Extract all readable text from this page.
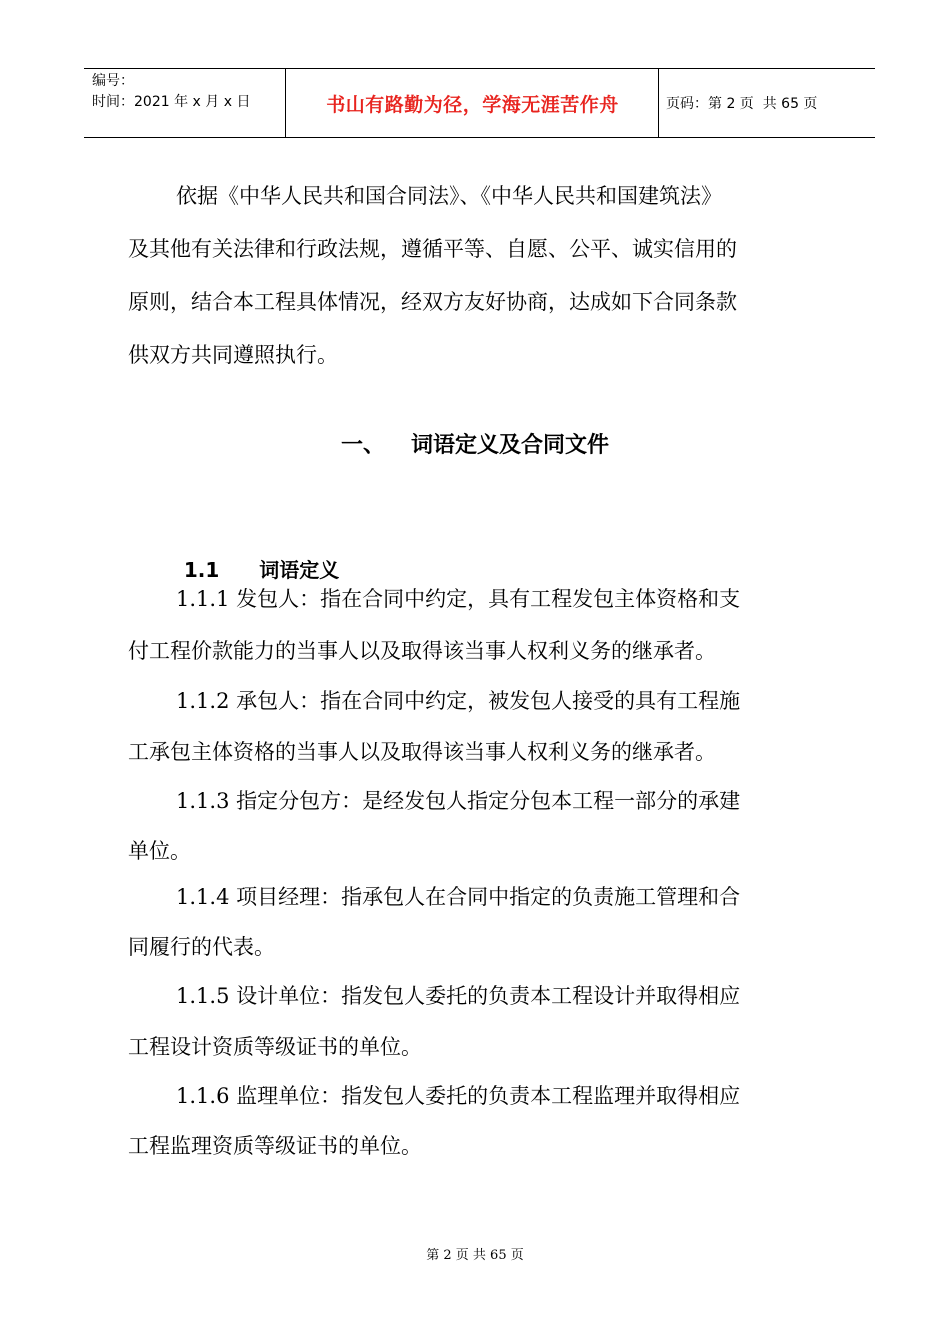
编号：
时间：2021 年 x 月 x 日	书山有路勤为径，学海无涯苦作舟	页码：第 2 页  共 65 页
依据《中华人民共和国合同法》、《中华人民共和国建筑法》
及其他有关法律和行政法规，遵循平等、自愿、公平、诚实信用的
原则，结合本工程具体情况，经双方友好协商，达成如下合同条款
供双方共同遵照执行。
一、 词语定义及合同文件

1.1 词语定义

1.1.1 发包人：指在合同中约定，具有工程发包主体资格和支
付工程价款能力的当事人以及取得该当事人权利义务的继承者。
1.1.2 承包人：指在合同中约定，被发包人接受的具有工程施
工承包主体资格的当事人以及取得该当事人权利义务的继承者。
1.1.3 指定分包方：是经发包人指定分包本工程一部分的承建
单位。
1.1.4 项目经理：指承包人在合同中指定的负责施工管理和合
同履行的代表。
1.1.5 设计单位：指发包人委托的负责本工程设计并取得相应
工程设计资质等级证书的单位。
1.1.6 监理单位：指发包人委托的负责本工程监理并取得相应
工程监理资质等级证书的单位。
第 2 页 共 65 页
